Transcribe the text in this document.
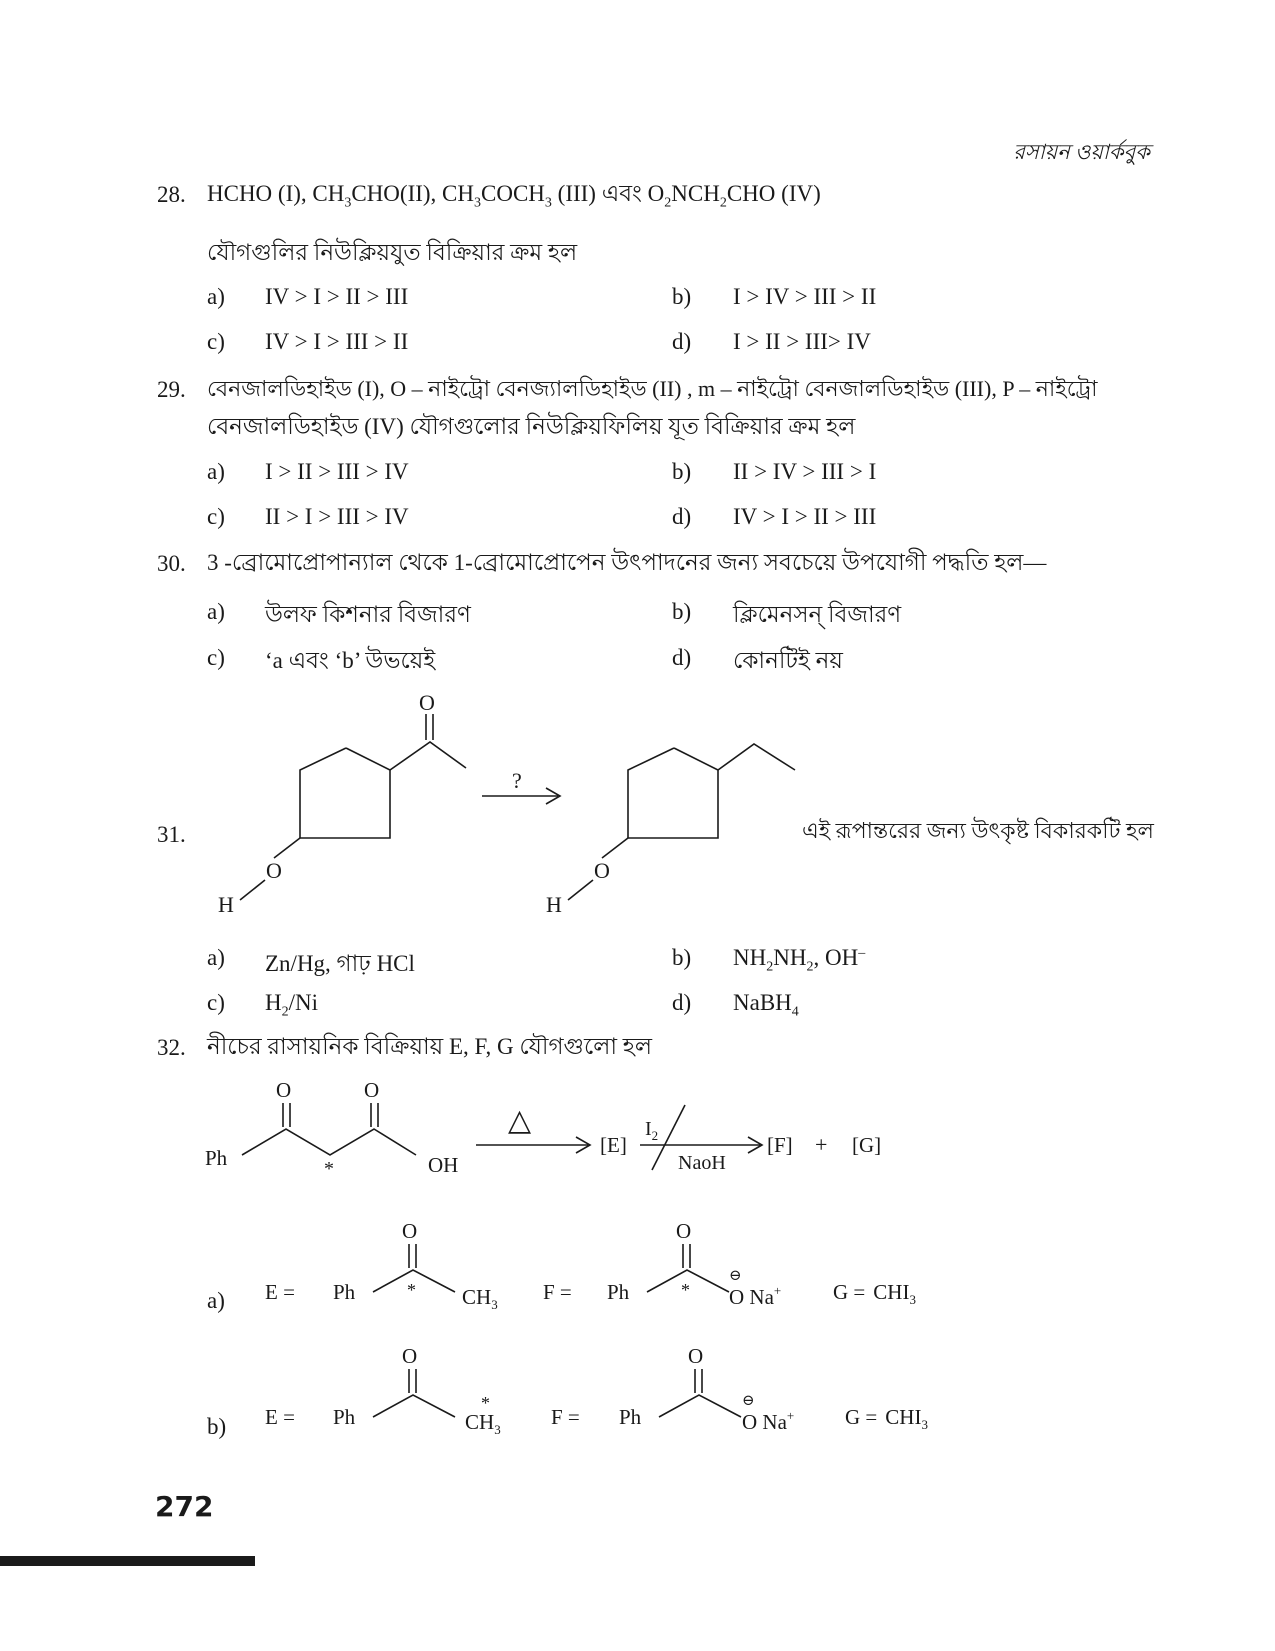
রসায়ন ওয়ার্কবুক
28. HCHO (I), $CH_3CHO(II)$, $CH_3COCH_3$ (III) এবং $O_2NCH_2CHO$ (IV)
যৌগগুলির নিউক্লিয়যুত বিক্রিয়ার ক্রম হল
a) IV > I > II > III	b) I > IV > III > II
c) IV > I > III > II	d) I > II > III> IV
29. বেনজালডিহাইড (I), O – নাইট্রো বেনজ্যালডিহাইড (II) , m – নাইট্রো বেনজালডিহাইড (III), P – নাইট্রো
বেনজালডিহাইড (IV) যৌগগুলোর নিউক্লিয়ফিলিয় যূত বিক্রিয়ার ক্রম হল
a) I > II > III > IV	b) II > IV > III > I
c) II > I > III > IV	d) IV > I > II > III
30. 3 -ব্রোমোপ্রোপান্যাল থেকে 1-ব্রোমোপ্রোপেন উৎপাদনের জন্য সবচেয়ে উপযোগী পদ্ধতি হল—
a) উলফ কিশনার বিজারণ	b) ক্লিমেনসন্ বিজারণ
c) ‘a এবং ‘b’ উভয়েই	d) কোনটিই নয়
31.
O
O
H
?
O
H
এই রূপান্তরের জন্য উৎকৃষ্ট বিকারকটি হল
a) Zn/Hg, গাঢ় HCl	b) $NH_2NH_2$, OH–
c) $H_2/Ni$	d) NaBH$_4$
32. নীচের রাসায়নিক বিক্রিয়ায় E, F, G যৌগগুলো হল
Ph
O	O
*	OH
△
[E]
$I_2$
NaoH
[F] + [G]
a) E = Ph
O
* $CH_3$
F = Ph
O
*
⊖
O Na+ $G = CHI_3$
b) E = Ph
O
*
$CH_3$
F = Ph
O
⊖
O Na+ $G = CHI_3$
272
